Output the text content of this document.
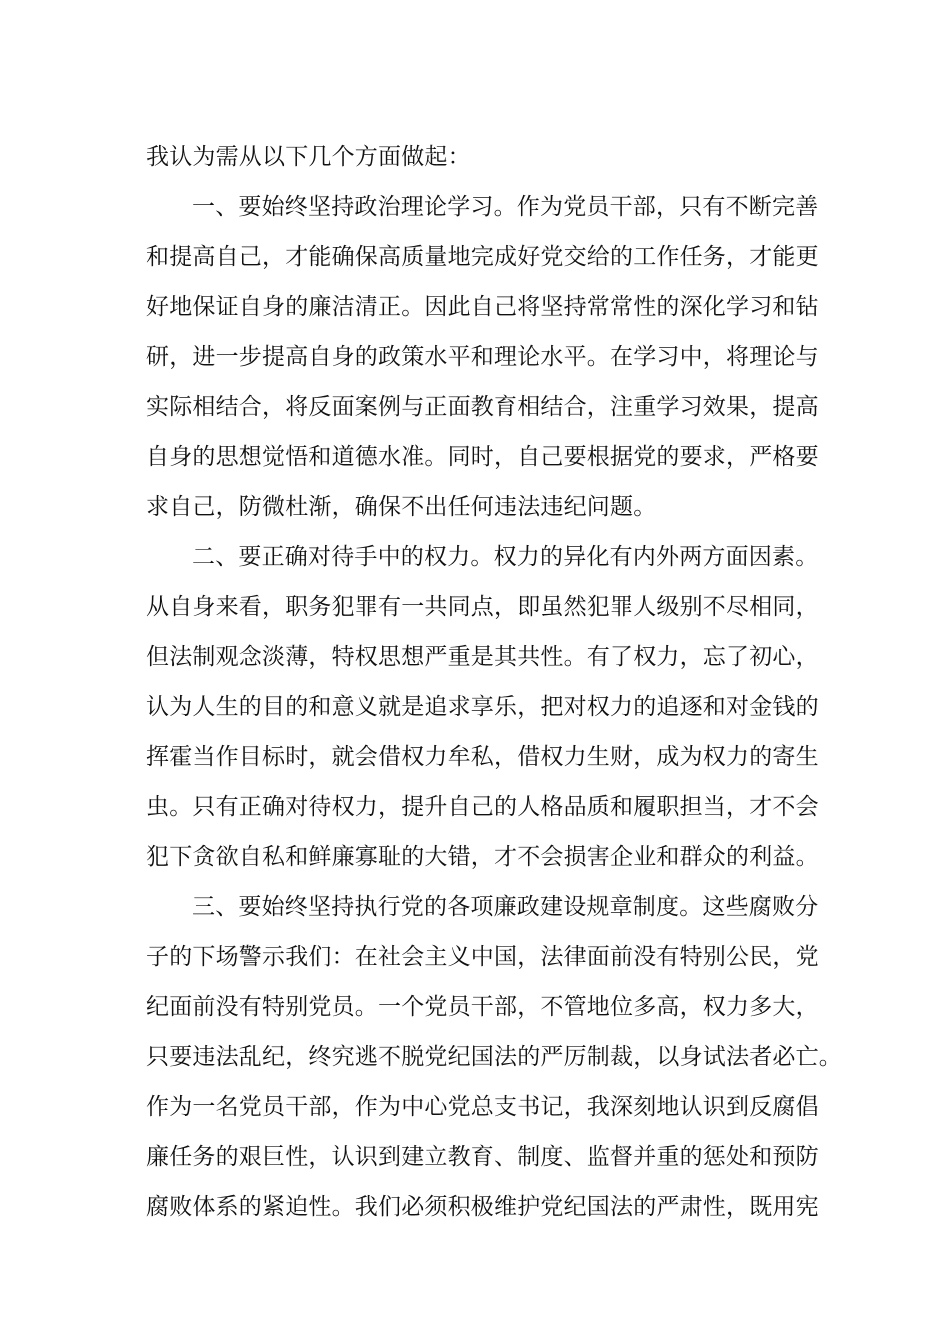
我认为需从以下几个方面做起：
一、要始终坚持政治理论学习。作为党员干部，只有不断完善
和提高自己，才能确保高质量地完成好党交给的工作任务，才能更
好地保证自身的廉洁清正。因此自己将坚持常常性的深化学习和钻
研，进一步提高自身的政策水平和理论水平。在学习中，将理论与
实际相结合，将反面案例与正面教育相结合，注重学习效果，提高
自身的思想觉悟和道德水准。同时，自己要根据党的要求，严格要
求自己，防微杜渐，确保不出任何违法违纪问题。
二、要正确对待手中的权力。权力的异化有内外两方面因素。
从自身来看，职务犯罪有一共同点，即虽然犯罪人级别不尽相同，
但法制观念淡薄，特权思想严重是其共性。有了权力，忘了初心，
认为人生的目的和意义就是追求享乐，把对权力的追逐和对金钱的
挥霍当作目标时，就会借权力牟私，借权力生财，成为权力的寄生
虫。只有正确对待权力，提升自己的人格品质和履职担当，才不会
犯下贪欲自私和鲜廉寡耻的大错，才不会损害企业和群众的利益。
三、要始终坚持执行党的各项廉政建设规章制度。这些腐败分
子的下场警示我们：在社会主义中国，法律面前没有特别公民，党
纪面前没有特别党员。一个党员干部，不管地位多高，权力多大，
只要违法乱纪，终究逃不脱党纪国法的严厉制裁，以身试法者必亡。
作为一名党员干部，作为中心党总支书记，我深刻地认识到反腐倡
廉任务的艰巨性，认识到建立教育、制度、监督并重的惩处和预防
腐败体系的紧迫性。我们必须积极维护党纪国法的严肃性，既用宪
